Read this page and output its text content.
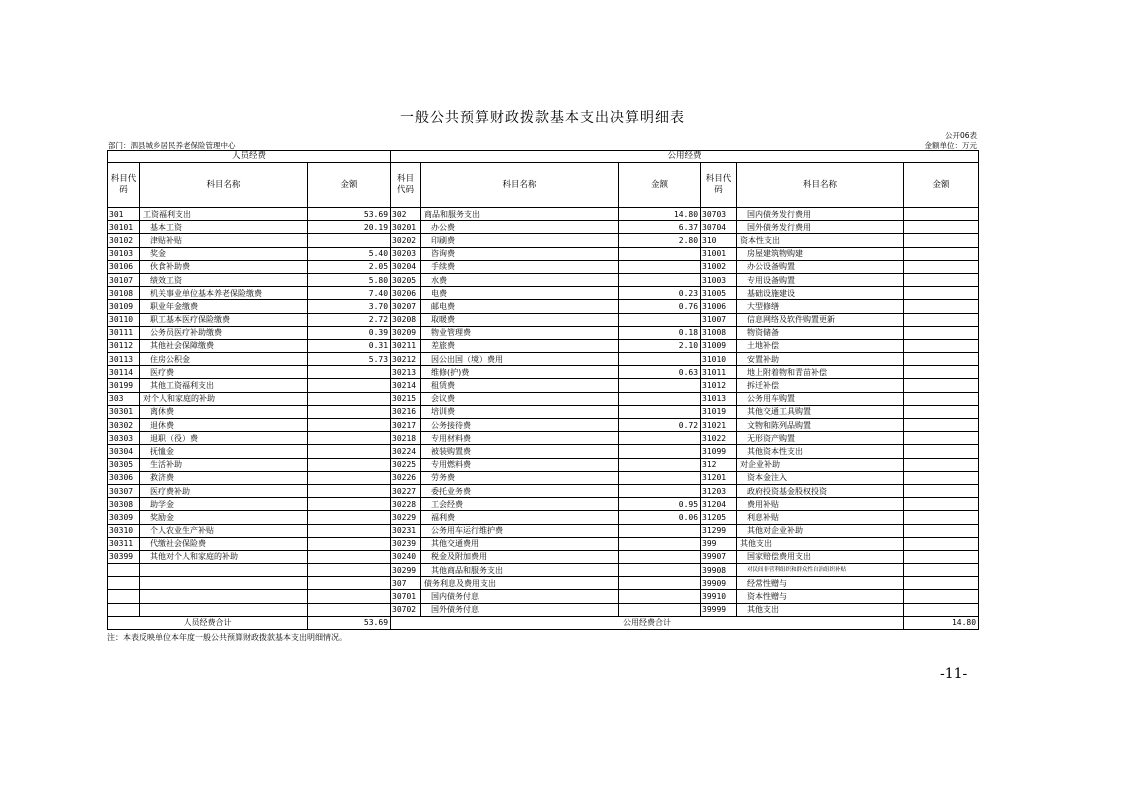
一般公共预算财政拨款基本支出决算明细表
公开06表
部门：泗县城乡居民养老保险管理中心	金额单位：万元
人员经费			公用经费					
科目代码	科目名称	金额	科目代码	科目名称	金额	科目代码	科目名称	金额
301	工资福利支出	53.69	302	商品和服务支出	14.80	30703	国内债务发行费用	
30101	基本工资	20.19	30201	办公费	6.37	30704	国外债务发行费用	
30102	津贴补贴		30202	印刷费	2.80	310	资本性支出	
30103	奖金	5.40	30203	咨询费		31001	房屋建筑物购建	
30106	伙食补助费	2.05	30204	手续费		31002	办公设备购置	
30107	绩效工资	5.80	30205	水费		31003	专用设备购置	
30108	机关事业单位基本养老保险缴费	7.40	30206	电费	0.23	31005	基础设施建设	
30109	职业年金缴费	3.70	30207	邮电费	0.76	31006	大型修缮	
30110	职工基本医疗保险缴费	2.72	30208	取暖费		31007	信息网络及软件购置更新	
30111	公务员医疗补助缴费	0.39	30209	物业管理费	0.18	31008	物资储备	
30112	其他社会保障缴费	0.31	30211	差旅费	2.10	31009	土地补偿	
30113	住房公积金	5.73	30212	因公出国（境）费用		31010	安置补助	
30114	医疗费		30213	维修(护)费	0.63	31011	地上附着物和青苗补偿	
30199	其他工资福利支出		30214	租赁费		31012	拆迁补偿	
303	对个人和家庭的补助		30215	会议费		31013	公务用车购置	
30301	离休费		30216	培训费		31019	其他交通工具购置	
30302	退休费		30217	公务接待费	0.72	31021	文物和陈列品购置	
30303	退职（役）费		30218	专用材料费		31022	无形资产购置	
30304	抚恤金		30224	被装购置费		31099	其他资本性支出	
30305	生活补助		30225	专用燃料费		312	对企业补助	
30306	救济费		30226	劳务费		31201	资本金注入	
30307	医疗费补助		30227	委托业务费		31203	政府投资基金股权投资	
30308	助学金		30228	工会经费	0.95	31204	费用补贴	
30309	奖励金		30229	福利费	0.06	31205	利息补贴	
30310	个人农业生产补贴		30231	公务用车运行维护费		31299	其他对企业补助	
30311	代缴社会保险费		30239	其他交通费用		399	其他支出	
30399	其他对个人和家庭的补助		30240	税金及附加费用		39907	国家赔偿费用支出	
			30299	其他商品和服务支出		39908	对民间非营利组织和群众性自治组织补贴	
			307	债务利息及费用支出		39909	经常性赠与	
			30701	国内债务付息		39910	资本性赠与	
			30702	国外债务付息		39999	其他支出	
人员经费合计		53.69	公用经费合计					14.80
注：本表反映单位本年度一般公共预算财政拨款基本支出明细情况。
-11-
